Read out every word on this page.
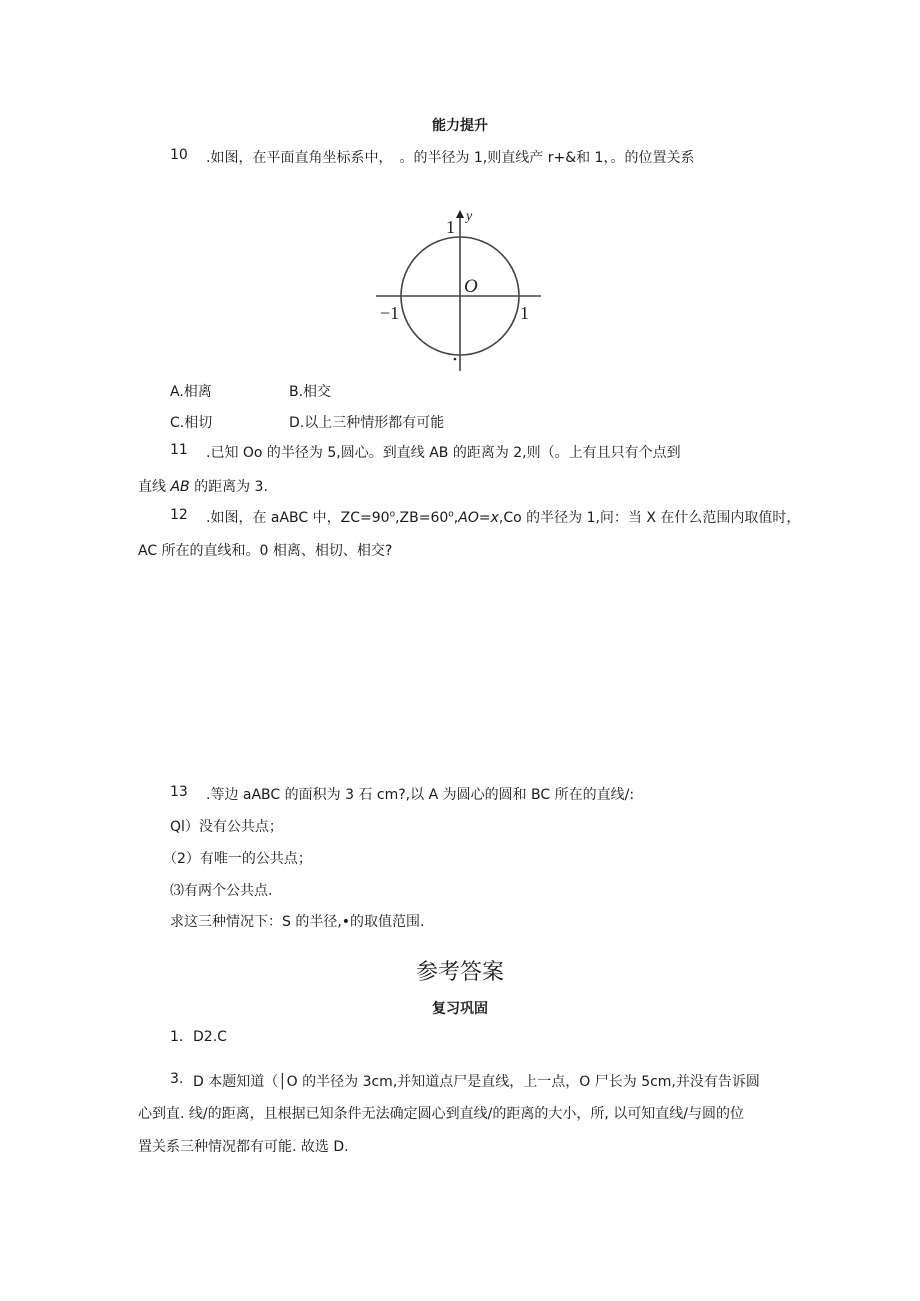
能力提升
10 .如图，在平面直角坐标系中，　。的半径为 1,则直线产 r+&和 1，。的位置关系
y
1
O
−1	1
A.相离	B.相交
C.相切	D.以上三种情形都有可能
11 .已知 Oo 的半径为 5,圆心。到直线 AB 的距离为 2,则（。上有且只有个点到
直线 AB 的距离为 3.
12 .如图，在 aABC 中，$ZC=90^o,ZB=60^o,AO=x,Co$ 的半径为 1,问：当 X 在什么范围内取值时，
AC 所在的直线和。0 相离、相切、相交?
13 .等边 aABC 的面积为 3 石 cm?,以 A 为圆心的圆和 BC 所在的直线/:
Ql）没有公共点；
（2）有唯一的公共点；
⑶有两个公共点.
求这三种情况下：S 的半径,•的取值范围.
参考答案
复习巩固
1. D2.C
3. D 本题知道（│O 的半径为 3cm,并知道点尸是直线，上一点，O 尸长为 5cm,并没有告诉圆
心到直. 线/的距离，且根据已知条件无法确定圆心到直线/的距离的大小，所, 以可知直线/与圆的位
置关系三种情况都有可能. 故选 D.
